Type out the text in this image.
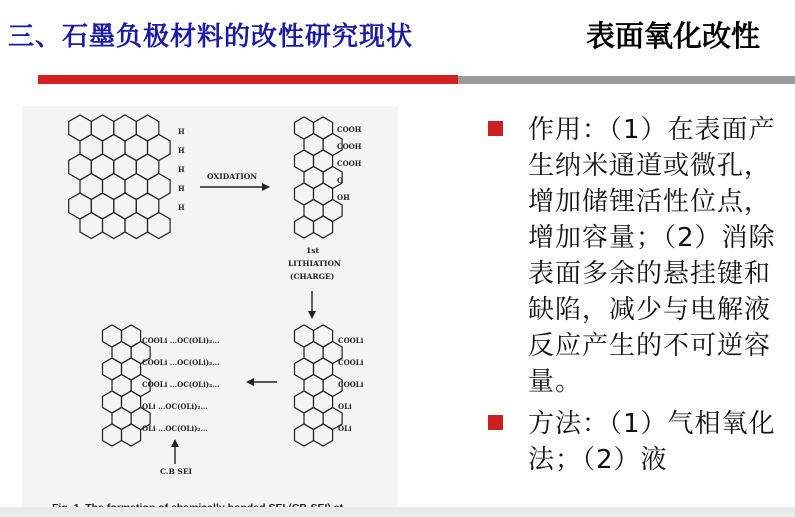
三、石墨负极材料的改性研究现状	表面氧化改性
OXIDATION
1st
LITHIATION
(CHARGE)
C.B SEI
H
H
H
H
H
COOH
COOH
COOH
O
OH
COOLi
COOLi
COOLi
OLi
OLi
COOLi ...OC(OLi)₂...
COOLi ...OC(OLi)₂...
COOLi ...OC(OLi)₂...
OLi ...OC(OLi)₂...
OLi ...OC(OLi)₂...
作用：（1）在表面产生纳米通道或微孔，增加储锂活性位点，增加容量；（2）消除表面多余的悬挂键和缺陷，减少与电解液反应产生的不可逆容量。
方法：（1）气相氧化法；（2）液
